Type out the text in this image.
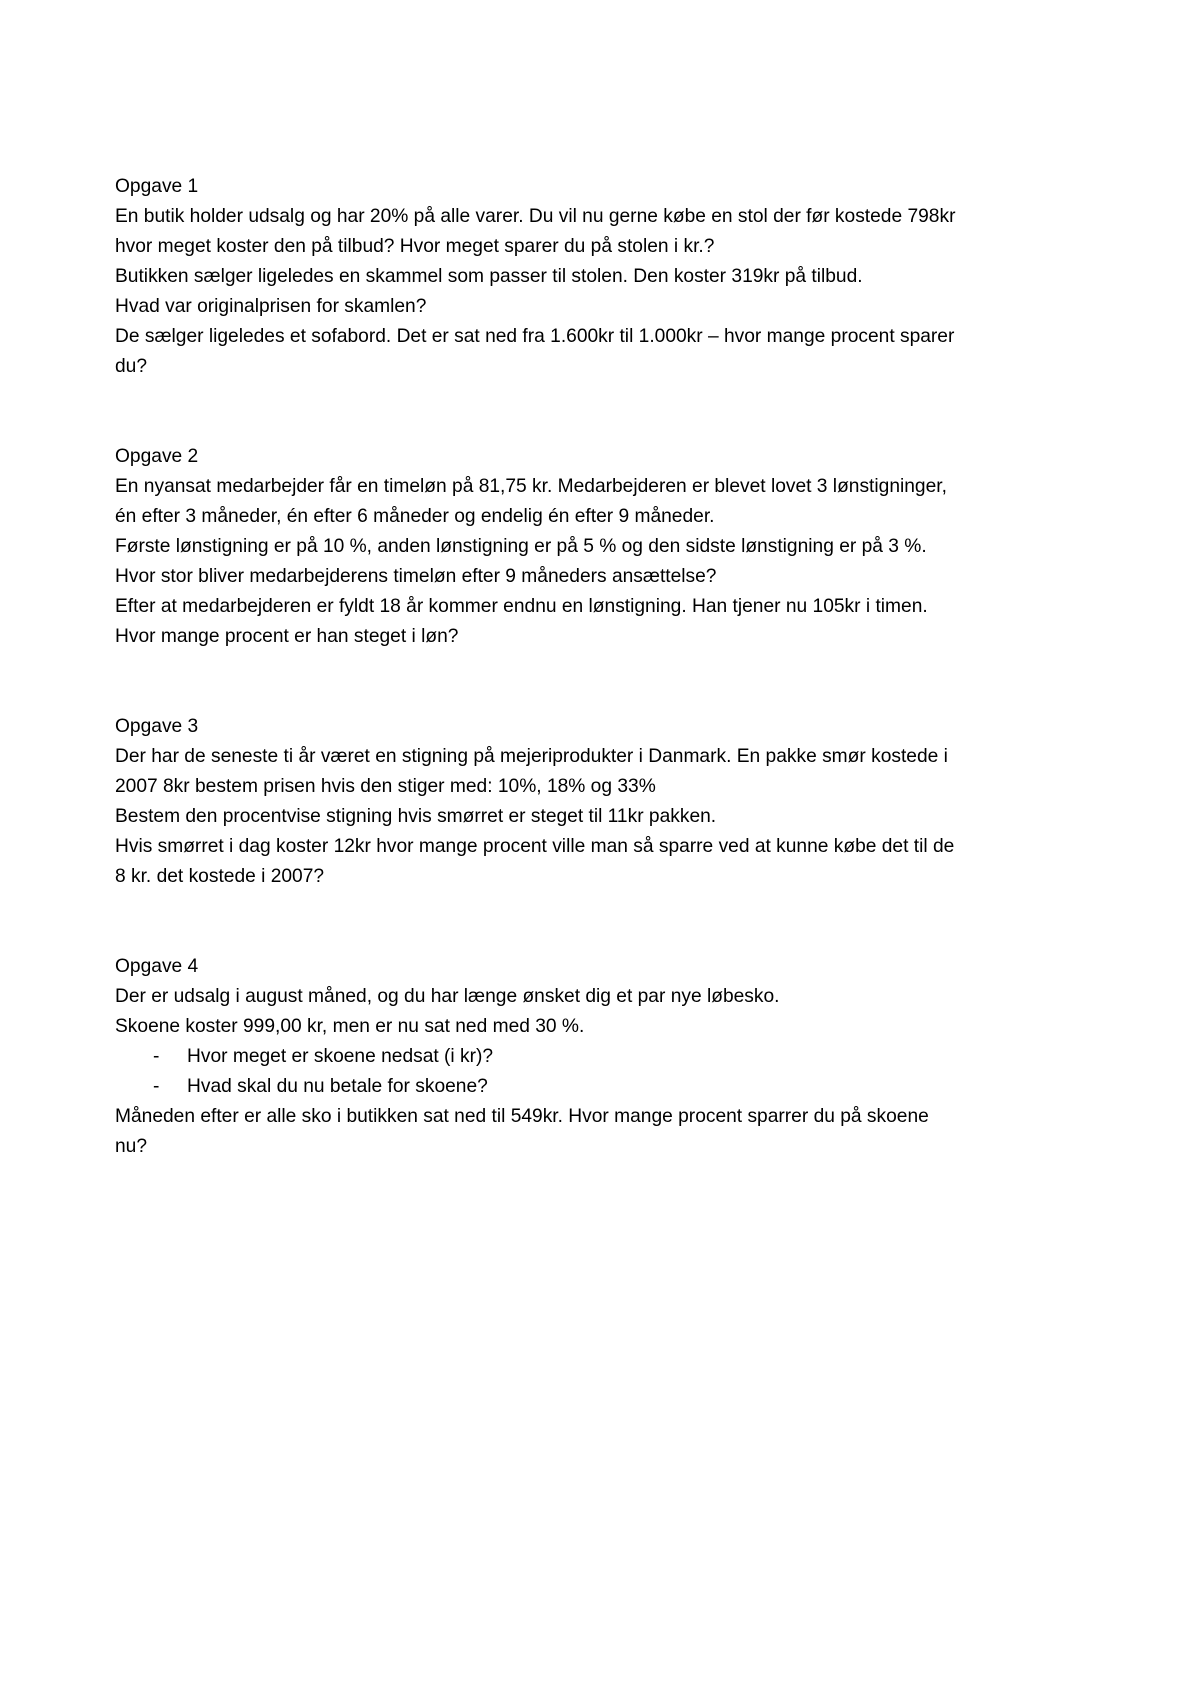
Opgave 1
En butik holder udsalg og har 20% på alle varer. Du vil nu gerne købe en stol der før kostede 798kr
hvor meget koster den på tilbud? Hvor meget sparer du på stolen i kr.?
Butikken sælger ligeledes en skammel som passer til stolen. Den koster 319kr på tilbud.
Hvad var originalprisen for skamlen?
De sælger ligeledes et sofabord. Det er sat ned fra 1.600kr til 1.000kr – hvor mange procent sparer
du?
Opgave 2
En nyansat medarbejder får en timeløn på 81,75 kr. Medarbejderen er blevet lovet 3 lønstigninger,
én efter 3 måneder, én efter 6 måneder og endelig én efter 9 måneder.
Første lønstigning er på 10 %, anden lønstigning er på 5 % og den sidste lønstigning er på 3 %.
Hvor stor bliver medarbejderens timeløn efter 9 måneders ansættelse?
Efter at medarbejderen er fyldt 18 år kommer endnu en lønstigning. Han tjener nu 105kr i timen.
Hvor mange procent er han steget i løn?
Opgave 3
Der har de seneste ti år været en stigning på mejeriprodukter i Danmark. En pakke smør kostede i
2007 8kr bestem prisen hvis den stiger med: 10%, 18% og 33%
Bestem den procentvise stigning hvis smørret er steget til 11kr pakken.
Hvis smørret i dag koster 12kr hvor mange procent ville man så sparre ved at kunne købe det til de
8 kr. det kostede i 2007?
Opgave 4
Der er udsalg i august måned, og du har længe ønsket dig et par nye løbesko.
Skoene koster 999,00 kr, men er nu sat ned med 30 %.
-	Hvor meget er skoene nedsat (i kr)?
-	Hvad skal du nu betale for skoene?
Måneden efter er alle sko i butikken sat ned til 549kr. Hvor mange procent sparrer du på skoene
nu?
